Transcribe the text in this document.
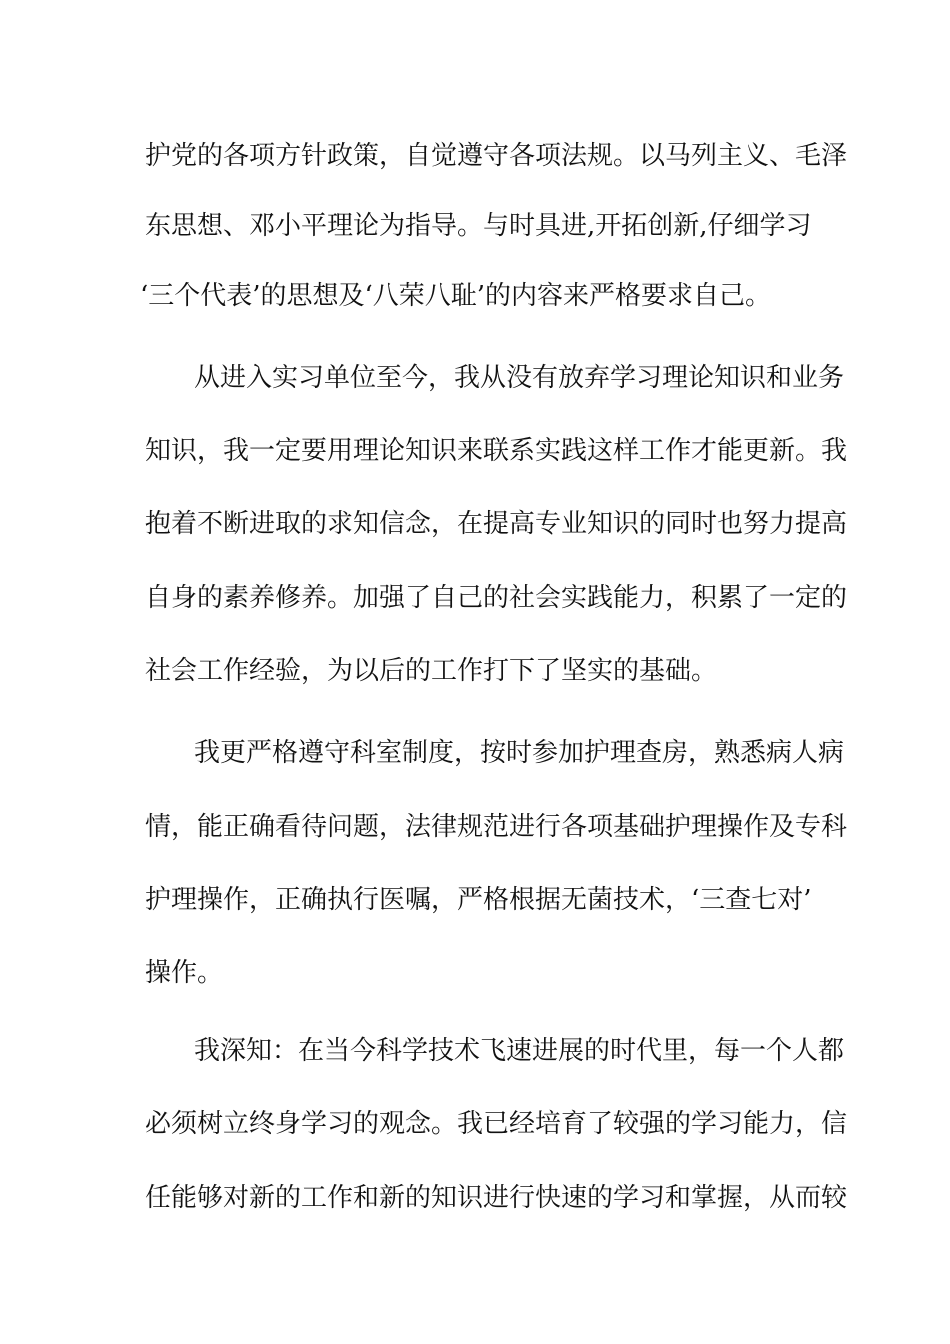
护党的各项方针政策，自觉遵守各项法规。以马列主义、毛泽
东思想、邓小平理论为指导。与时具进,开拓创新,仔细学习
‘三个代表’的思想及‘八荣八耻’的内容来严格要求自己。
从进入实习单位至今，我从没有放弃学习理论知识和业务
知识，我一定要用理论知识来联系实践这样工作才能更新。我
抱着不断进取的求知信念，在提高专业知识的同时也努力提高
自身的素养修养。加强了自己的社会实践能力，积累了一定的
社会工作经验，为以后的工作打下了坚实的基础。
我更严格遵守科室制度，按时参加护理查房，熟悉病人病
情，能正确看待问题，法律规范进行各项基础护理操作及专科
护理操作，正确执行医嘱，严格根据无菌技术，‘三查七对’
操作。
我深知：在当今科学技术飞速进展的时代里，每一个人都
必须树立终身学习的观念。我已经培育了较强的学习能力，信
任能够对新的工作和新的知识进行快速的学习和掌握，从而较
